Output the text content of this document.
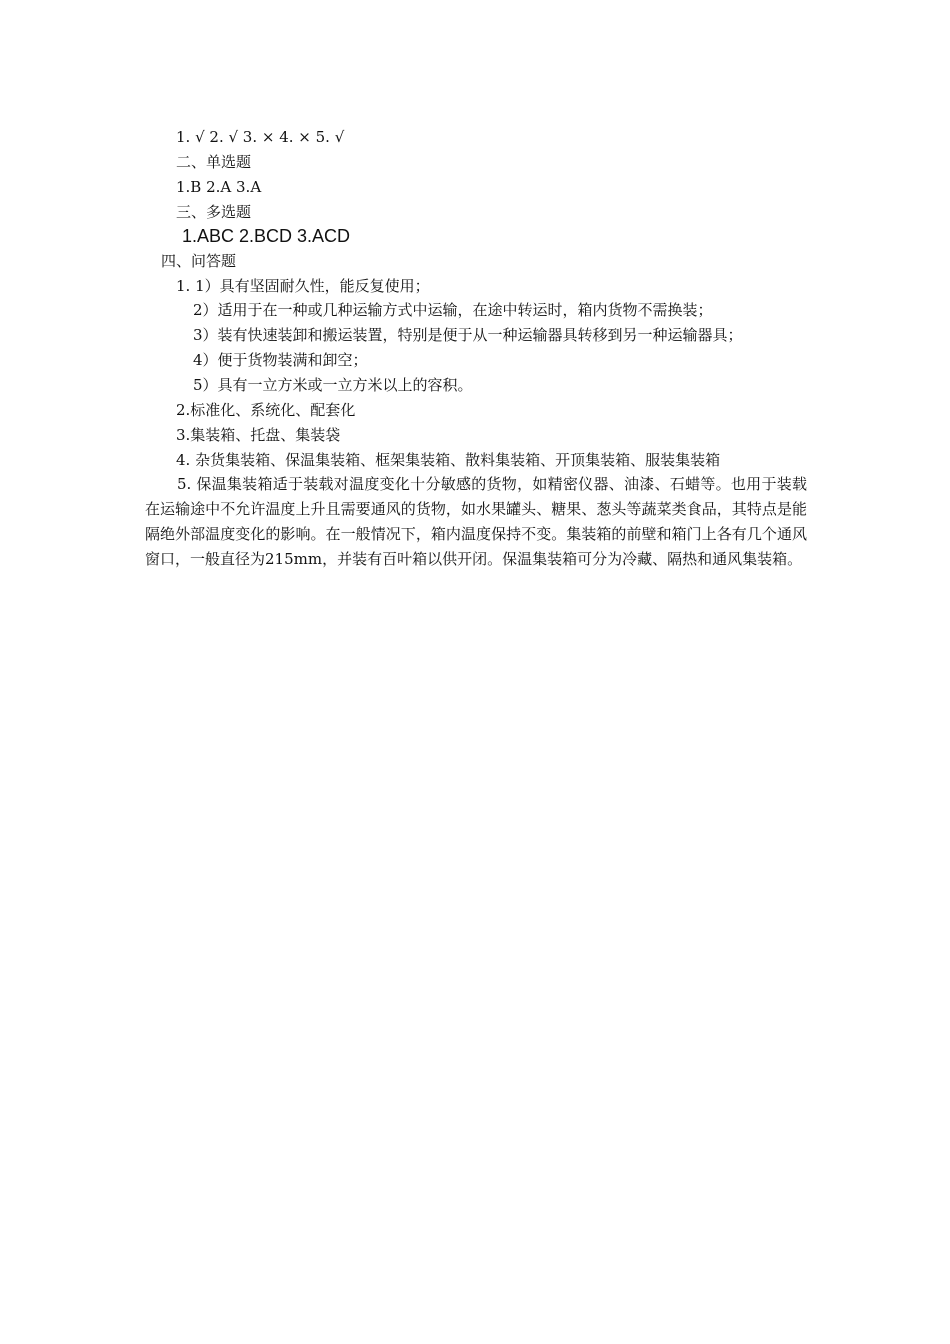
1. √ 2. √ 3. × 4. × 5. √
二、单选题
1.B 2.A 3.A
三、多选题
1.ABC 2.BCD 3.ACD
四、问答题
1. 1）具有坚固耐久性，能反复使用；
2）适用于在一种或几种运输方式中运输，在途中转运时，箱内货物不需换装；
3）装有快速装卸和搬运装置，特别是便于从一种运输器具转移到另一种运输器具；
4）便于货物装满和卸空；
5）具有一立方米或一立方米以上的容积。
2.标准化、系统化、配套化
3.集装箱、托盘、集装袋
4. 杂货集装箱、保温集装箱、框架集装箱、散料集装箱、开顶集装箱、服装集装箱
5. 保温集装箱适于装载对温度变化十分敏感的货物，如精密仪器、油漆、石蜡等。也用于装载在运输途中不允许温度上升且需要通风的货物，如水果罐头、糖果、葱头等蔬菜类食品，其特点是能隔绝外部温度变化的影响。在一般情况下，箱内温度保持不变。集装箱的前壁和箱门上各有几个通风窗口，一般直径为215mm，并装有百叶箱以供开闭。保温集装箱可分为冷藏、隔热和通风集装箱。
